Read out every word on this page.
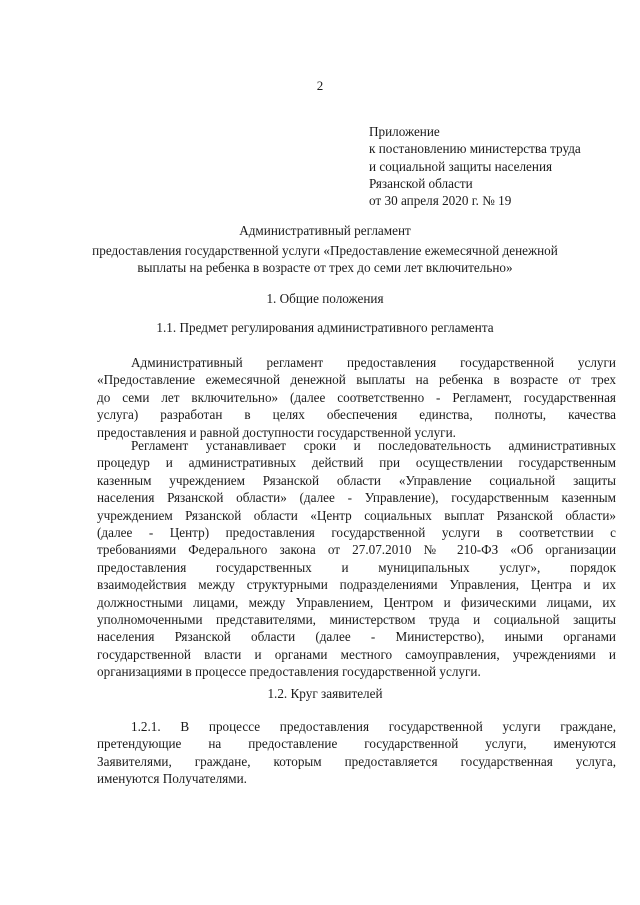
2
Приложение
к постановлению министерства труда
и социальной защиты населения
Рязанской области
от 30 апреля 2020 г. № 19
Административный регламент
предоставления государственной услуги «Предоставление ежемесячной денежной
выплаты на ребенка в возрасте от трех до семи лет включительно»
1. Общие положения
1.1. Предмет регулирования административного регламента
Административный регламент предоставления государственной услуги
«Предоставление ежемесячной денежной выплаты на ребенка в возрасте от трех
до семи лет включительно» (далее соответственно - Регламент, государственная
услуга) разработан в целях обеспечения единства, полноты, качества
предоставления и равной доступности государственной услуги.
Регламент устанавливает сроки и последовательность административных
процедур и административных действий при осуществлении государственным
казенным учреждением Рязанской области «Управление социальной защиты
населения Рязанской области» (далее - Управление), государственным казенным
учреждением Рязанской области «Центр социальных выплат Рязанской области»
(далее - Центр) предоставления государственной услуги в соответствии с
требованиями Федерального закона от 27.07.2010 № 210-ФЗ «Об организации
предоставления государственных и муниципальных услуг», порядок
взаимодействия между структурными подразделениями Управления, Центра и их
должностными лицами, между Управлением, Центром и физическими лицами, их
уполномоченными представителями, министерством труда и социальной защиты
населения Рязанской области (далее - Министерство), иными органами
государственной власти и органами местного самоуправления, учреждениями и
организациями в процессе предоставления государственной услуги.
1.2. Круг заявителей
1.2.1. В процессе предоставления государственной услуги граждане,
претендующие на предоставление государственной услуги, именуются
Заявителями, граждане, которым предоставляется государственная услуга,
именуются Получателями.
